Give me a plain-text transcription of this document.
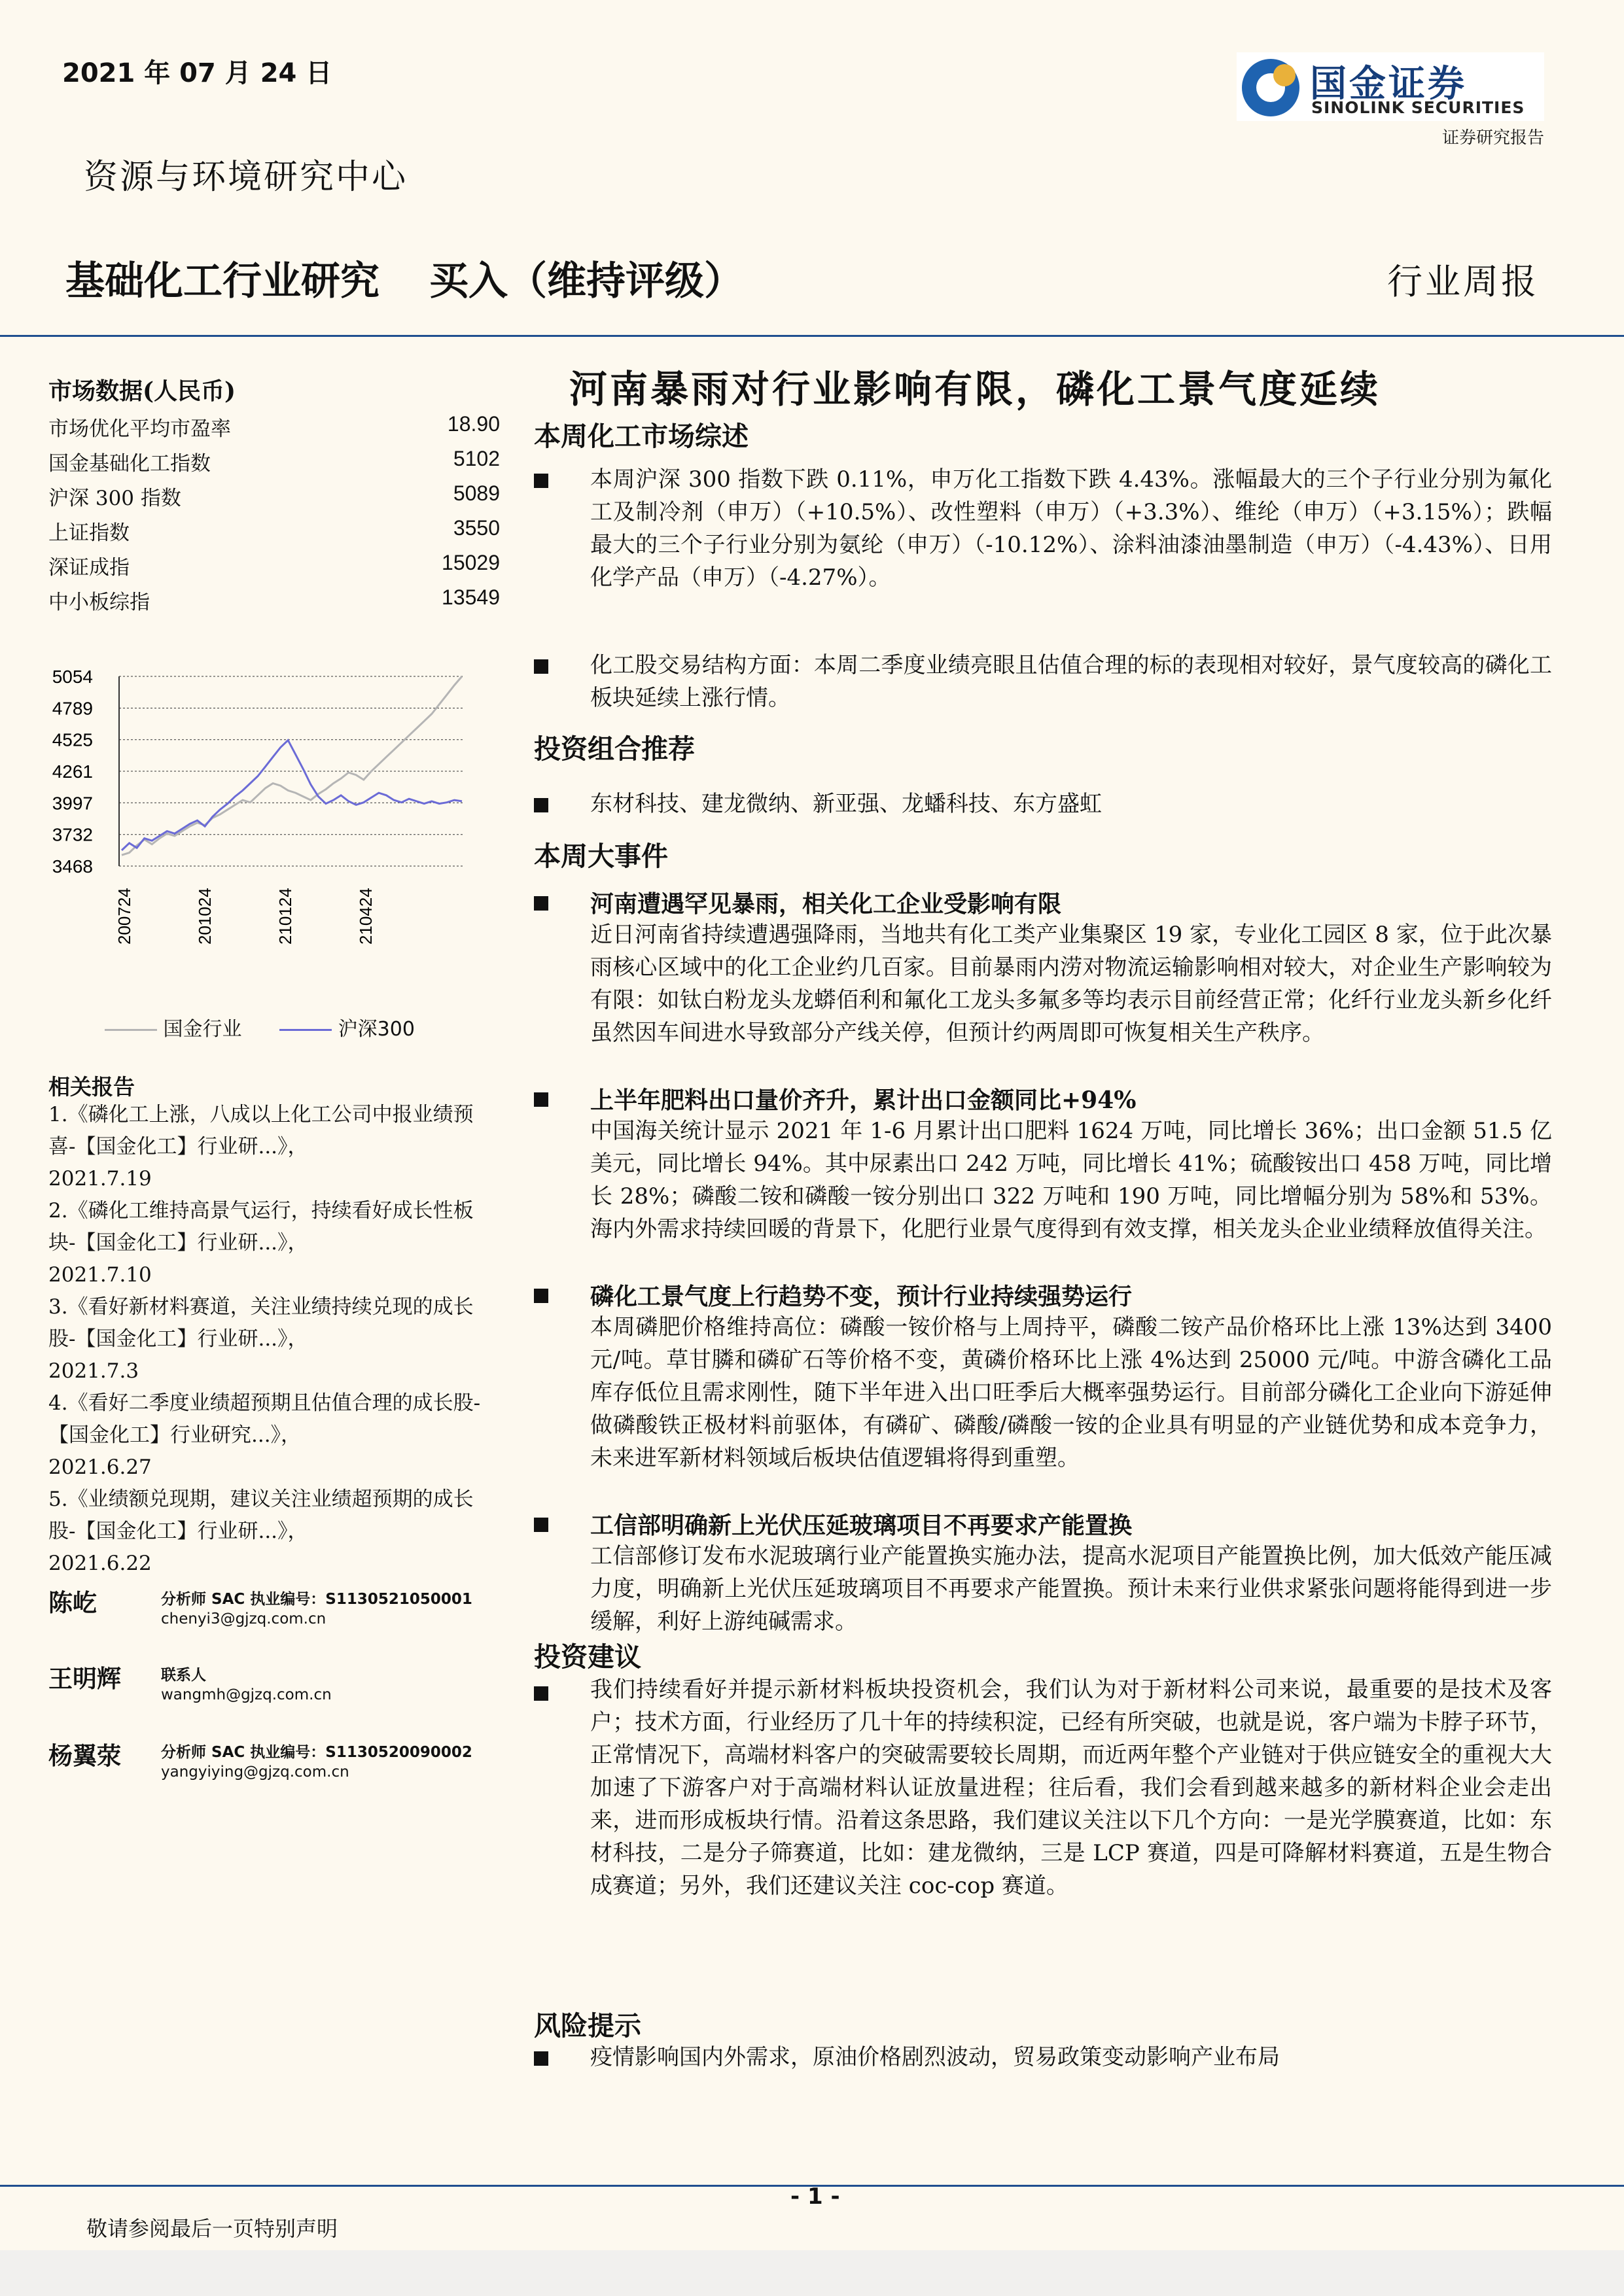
2021 年 07 月 24 日	国金证券
SINOLINK SECURITIES
证券研究报告
资源与环境研究中心
基础化工行业研究 买入（维持评级）	行业周报
市场数据(人民币)
市场优化平均市盈率	18.90
国金基础化工指数	5102
沪深 300 指数	5089
上证指数	3550
深证成指	15029
中小板综指	13549
5054
4789
4525
4261
3997
3732
3468
200724	201024	210124	210424
国金行业	沪深300
相关报告
1.《磷化工上涨，八成以上化工公司中报业绩预喜-【国金化工】行业研...》，
2021.7.19
2.《磷化工维持高景气运行，持续看好成长性板块-【国金化工】行业研...》，
2021.7.10
3.《看好新材料赛道，关注业绩持续兑现的成长股-【国金化工】行业研...》，
2021.7.3
4.《看好二季度业绩超预期且估值合理的成长股-【国金化工】行业研究...》，
2021.6.27
5.《业绩额兑现期，建议关注业绩超预期的成长股-【国金化工】行业研...》，
2021.6.22
陈屹	分析师 SAC 执业编号：S1130521050001
chenyi3@gjzq.com.cn
王明辉	联系人
wangmh@gjzq.com.cn
杨翼荥	分析师 SAC 执业编号：S1130520090002
yangyiying@gjzq.com.cn
河南暴雨对行业影响有限，磷化工景气度延续
本周化工市场综述
本周沪深 300 指数下跌 0.11%，申万化工指数下跌 4.43%。涨幅最大的三个子行业分别为氟化工及制冷剂（申万）（+10.5%）、改性塑料（申万）（+3.3%）、维纶（申万）（+3.15%）；跌幅最大的三个子行业分别为氨纶（申万）（-10.12%）、涂料油漆油墨制造（申万）（-4.43%）、日用化学产品（申万）（-4.27%）。
化工股交易结构方面：本周二季度业绩亮眼且估值合理的标的表现相对较好，景气度较高的磷化工板块延续上涨行情。
投资组合推荐
东材科技、建龙微纳、新亚强、龙蟠科技、东方盛虹
本周大事件
河南遭遇罕见暴雨，相关化工企业受影响有限
近日河南省持续遭遇强降雨，当地共有化工类产业集聚区 19 家，专业化工园区 8 家，位于此次暴雨核心区域中的化工企业约几百家。目前暴雨内涝对物流运输影响相对较大，对企业生产影响较为有限：如钛白粉龙头龙蟒佰利和氟化工龙头多氟多等均表示目前经营正常；化纤行业龙头新乡化纤虽然因车间进水导致部分产线关停，但预计约两周即可恢复相关生产秩序。
上半年肥料出口量价齐升，累计出口金额同比+94%
中国海关统计显示 2021 年 1-6 月累计出口肥料 1624 万吨，同比增长 36%；出口金额 51.5 亿美元，同比增长 94%。其中尿素出口 242 万吨，同比增长 41%；硫酸铵出口 458 万吨，同比增长 28%；磷酸二铵和磷酸一铵分别出口 322 万吨和 190 万吨，同比增幅分别为 58%和 53%。海内外需求持续回暖的背景下，化肥行业景气度得到有效支撑，相关龙头企业业绩释放值得关注。
磷化工景气度上行趋势不变，预计行业持续强势运行
本周磷肥价格维持高位：磷酸一铵价格与上周持平，磷酸二铵产品价格环比上涨 13%达到 3400 元/吨。草甘膦和磷矿石等价格不变，黄磷价格环比上涨 4%达到 25000 元/吨。中游含磷化工品库存低位且需求刚性，随下半年进入出口旺季后大概率强势运行。目前部分磷化工企业向下游延伸做磷酸铁正极材料前驱体，有磷矿、磷酸/磷酸一铵的企业具有明显的产业链优势和成本竞争力，未来进军新材料领域后板块估值逻辑将得到重塑。
工信部明确新上光伏压延玻璃项目不再要求产能置换
工信部修订发布水泥玻璃行业产能置换实施办法，提高水泥项目产能置换比例，加大低效产能压减力度，明确新上光伏压延玻璃项目不再要求产能置换。预计未来行业供求紧张问题将能得到进一步缓解，利好上游纯碱需求。
投资建议
我们持续看好并提示新材料板块投资机会，我们认为对于新材料公司来说，最重要的是技术及客户；技术方面，行业经历了几十年的持续积淀，已经有所突破，也就是说，客户端为卡脖子环节，正常情况下，高端材料客户的突破需要较长周期，而近两年整个产业链对于供应链安全的重视大大加速了下游客户对于高端材料认证放量进程；往后看，我们会看到越来越多的新材料企业会走出来，进而形成板块行情。沿着这条思路，我们建议关注以下几个方向：一是光学膜赛道，比如：东材科技，二是分子筛赛道，比如：建龙微纳，三是 LCP 赛道，四是可降解材料赛道，五是生物合成赛道；另外，我们还建议关注 coc-cop 赛道。
风险提示
疫情影响国内外需求，原油价格剧烈波动，贸易政策变动影响产业布局
- 1 -
敬请参阅最后一页特别声明
